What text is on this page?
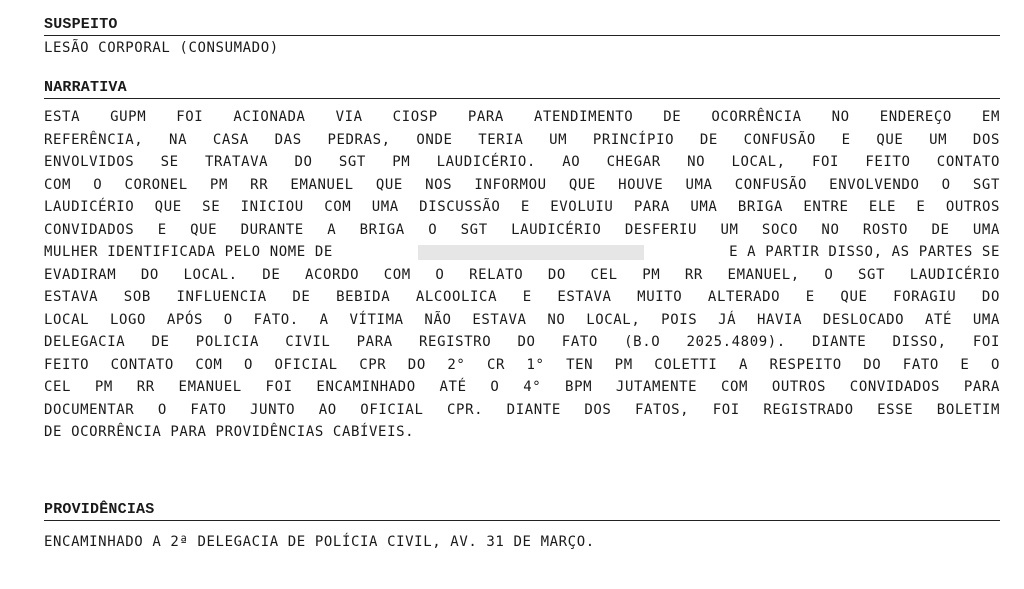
SUSPEITO
LESÃO CORPORAL (CONSUMADO)
NARRATIVA
ESTA GUPM FOI ACIONADA VIA CIOSP PARA ATENDIMENTO DE OCORRÊNCIA NO ENDEREÇO EM
REFERÊNCIA, NA CASA DAS PEDRAS, ONDE TERIA UM PRINCÍPIO DE CONFUSÃO E QUE UM DOS
ENVOLVIDOS SE TRATAVA DO SGT PM LAUDICÉRIO. AO CHEGAR NO LOCAL, FOI FEITO CONTATO
COM O CORONEL PM RR EMANUEL QUE NOS INFORMOU QUE HOUVE UMA CONFUSÃO ENVOLVENDO O SGT
LAUDICÉRIO QUE SE INICIOU COM UMA DISCUSSÃO E EVOLUIU PARA UMA BRIGA ENTRE ELE E OUTROS
CONVIDADOS E QUE DURANTE A BRIGA O SGT LAUDICÉRIO DESFERIU UM SOCO NO ROSTO DE UMA
MULHER IDENTIFICADA PELO NOME DE	E A PARTIR DISSO, AS PARTES SE
EVADIRAM DO LOCAL. DE ACORDO COM O RELATO DO CEL PM RR EMANUEL, O SGT LAUDICÉRIO
ESTAVA SOB INFLUENCIA DE BEBIDA ALCOOLICA E ESTAVA MUITO ALTERADO E QUE FORAGIU DO
LOCAL LOGO APÓS O FATO. A VÍTIMA NÃO ESTAVA NO LOCAL, POIS JÁ HAVIA DESLOCADO ATÉ UMA
DELEGACIA DE POLICIA CIVIL PARA REGISTRO DO FATO (B.O 2025.4809). DIANTE DISSO, FOI
FEITO CONTATO COM O OFICIAL CPR DO 2° CR 1° TEN PM COLETTI A RESPEITO DO FATO E O
CEL PM RR EMANUEL FOI ENCAMINHADO ATÉ O 4° BPM JUTAMENTE COM OUTROS CONVIDADOS PARA
DOCUMENTAR O FATO JUNTO AO OFICIAL CPR. DIANTE DOS FATOS, FOI REGISTRADO ESSE BOLETIM
DE OCORRÊNCIA PARA PROVIDÊNCIAS CABÍVEIS.
PROVIDÊNCIAS
ENCAMINHADO A 2ª DELEGACIA DE POLÍCIA CIVIL, AV. 31 DE MARÇO.
